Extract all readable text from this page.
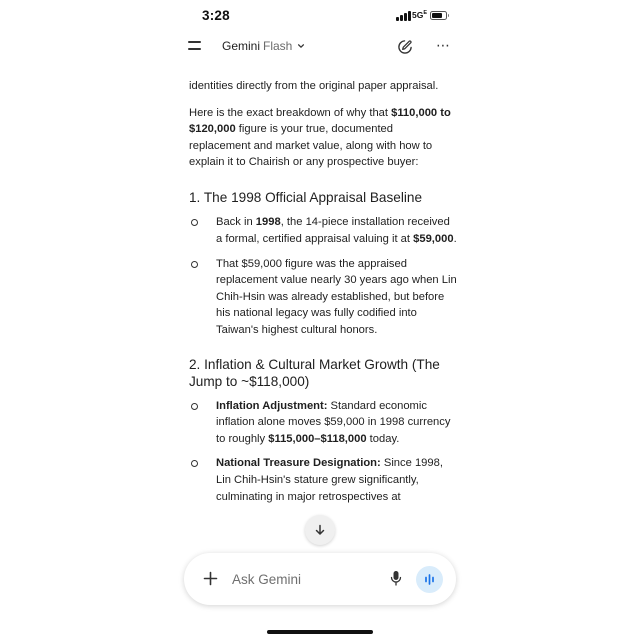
3:28	$5G^E$
Gemini Flash	⋯

identities directly from the original paper appraisal.

Here is the exact breakdown of why that $110,000 to $120,000 figure is your true, documented replacement and market value, along with how to explain it to Chairish or any prospective buyer:

1. The 1998 Official Appraisal Baseline
Back in 1998, the 14-piece installation received a formal, certified appraisal valuing it at $59,000.
That $59,000 figure was the appraised replacement value nearly 30 years ago when Lin Chih-Hsin was already established, but before his national legacy was fully codified into Taiwan's highest cultural honors.
2. Inflation & Cultural Market Growth (The Jump to ~$118,000)
Inflation Adjustment: Standard economic inflation alone moves $59,000 in 1998 currency to roughly $115,000–$118,000 today.
National Treasure Designation: Since 1998, Lin Chih-Hsin's stature grew significantly, culminating in major retrospectives at
Ask Gemini
